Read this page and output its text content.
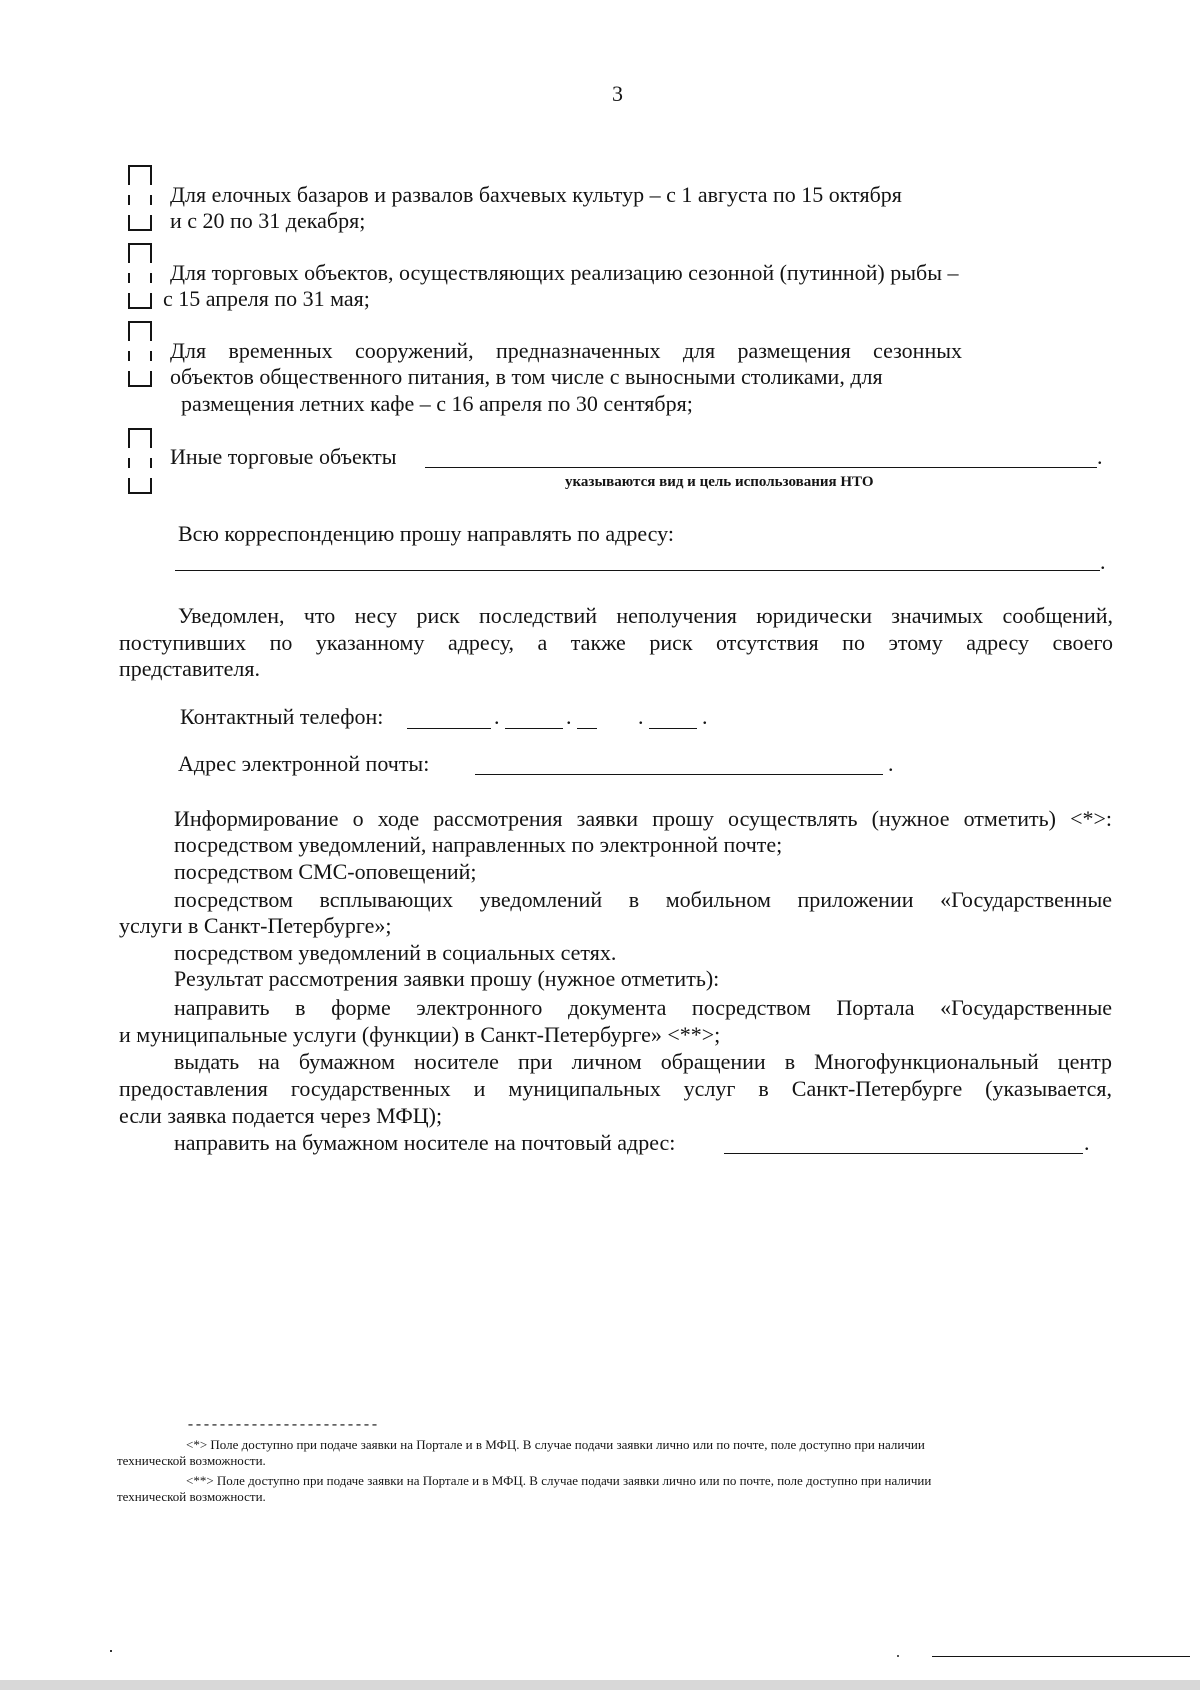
3
Для елочных базаров и развалов бахчевых культур – с 1 августа по 15 октября
и с 20 по 31 декабря;
Для торговых объектов, осуществляющих реализацию сезонной (путинной) рыбы –
с 15 апреля по 31 мая;
Для временных сооружений, предназначенных для размещения сезонных
объектов общественного питания, в том числе с выносными столиками, для
размещения летних кафе – с 16 апреля по 30 сентября;
Иные торговые объекты	.
указываются вид и цель использования НТО
Всю корреспонденцию прошу направлять по адресу:
.
Уведомлен, что несу риск последствий неполучения юридически значимых сообщений,
поступивших по указанному адресу, а также риск отсутствия по этому адресу своего
представителя.
Контактный телефон:	.	.	.	.
Адрес электронной почты:	.
Информирование о ходе рассмотрения заявки прошу осуществлять (нужное отметить) <*>:
посредством уведомлений, направленных по электронной почте;
посредством СМС-оповещений;
посредством всплывающих уведомлений в мобильном приложении «Государственные
услуги в Санкт-Петербурге»;
посредством уведомлений в социальных сетях.
Результат рассмотрения заявки прошу (нужное отметить):
направить в форме электронного документа посредством Портала «Государственные
и муниципальные услуги (функции) в Санкт-Петербурге» <**>;
выдать на бумажном носителе при личном обращении в Многофункциональный центр
предоставления государственных и муниципальных услуг в Санкт-Петербурге (указывается,
если заявка подается через МФЦ);
направить на бумажном носителе на почтовый адрес:	.
------------------------
<*> Поле доступно при подаче заявки на Портале и в МФЦ. В случае подачи заявки лично или по почте, поле доступно при наличии
технической возможности.
<**> Поле доступно при подаче заявки на Портале и в МФЦ. В случае подачи заявки лично или по почте, поле доступно при наличии
технической возможности.
